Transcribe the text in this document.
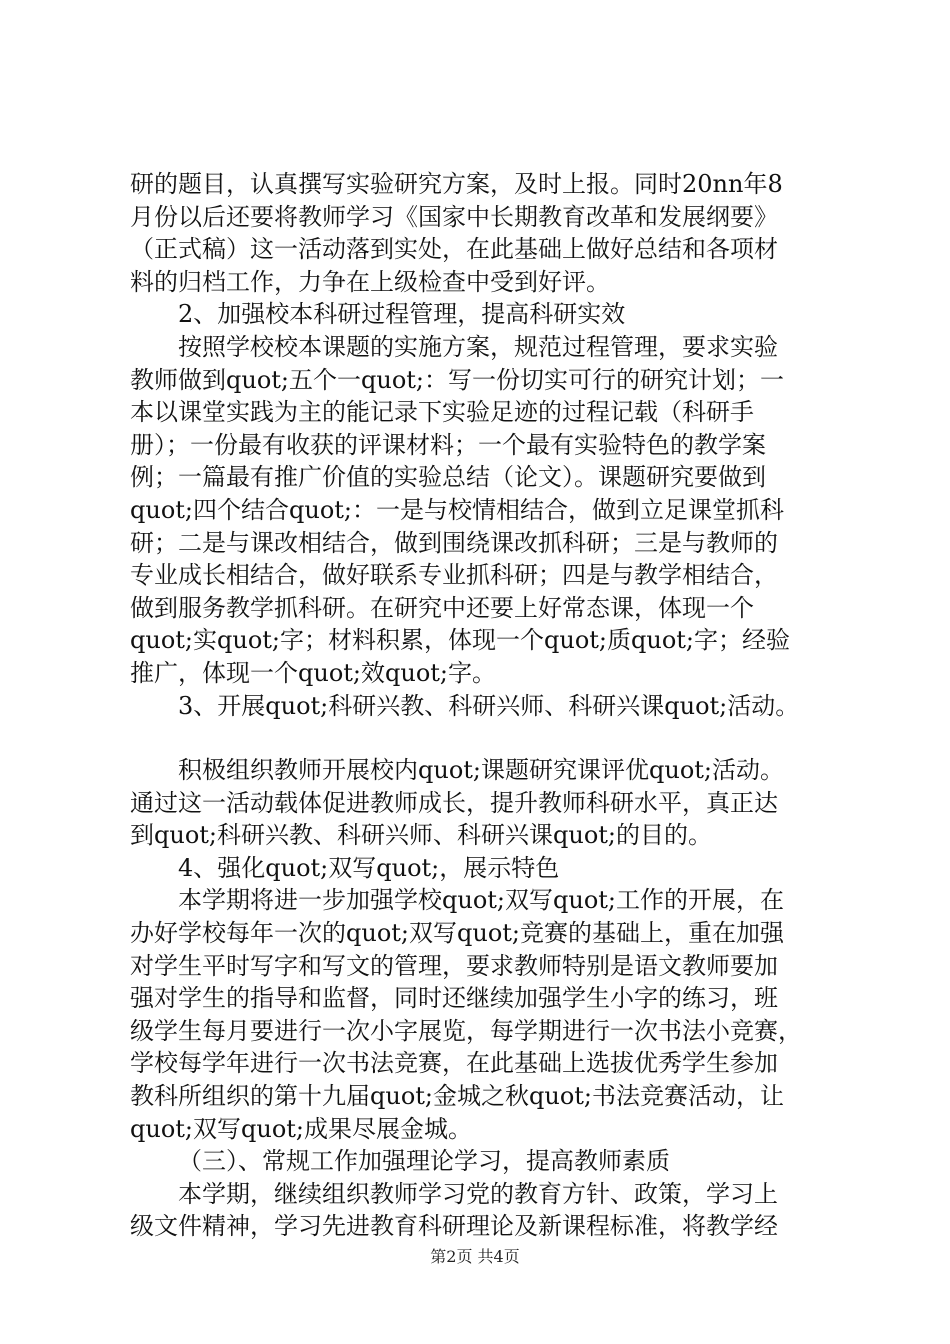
研的题目，认真撰写实验研究方案，及时上报。同时20nn年8
月份以后还要将教师学习《国家中长期教育改革和发展纲要》
（正式稿）这一活动落到实处，在此基础上做好总结和各项材
料的归档工作，力争在上级检查中受到好评。
2、加强校本科研过程管理，提高科研实效
按照学校校本课题的实施方案，规范过程管理，要求实验
教师做到quot;五个一quot;：写一份切实可行的研究计划；一
本以课堂实践为主的能记录下实验足迹的过程记载（科研手
册）；一份最有收获的评课材料；一个最有实验特色的教学案
例；一篇最有推广价值的实验总结（论文）。课题研究要做到
quot;四个结合quot;：一是与校情相结合，做到立足课堂抓科
研；二是与课改相结合，做到围绕课改抓科研；三是与教师的
专业成长相结合，做好联系专业抓科研；四是与教学相结合，
做到服务教学抓科研。在研究中还要上好常态课，体现一个
quot;实quot;字；材料积累，体现一个quot;质quot;字；经验
推广，体现一个quot;效quot;字。
3、开展quot;科研兴教、科研兴师、科研兴课quot;活动。
积极组织教师开展校内quot;课题研究课评优quot;活动。
通过这一活动载体促进教师成长，提升教师科研水平，真正达
到quot;科研兴教、科研兴师、科研兴课quot;的目的。
4、强化quot;双写quot;，展示特色
本学期将进一步加强学校quot;双写quot;工作的开展，在
办好学校每年一次的quot;双写quot;竞赛的基础上，重在加强
对学生平时写字和写文的管理，要求教师特别是语文教师要加
强对学生的指导和监督，同时还继续加强学生小字的练习，班
级学生每月要进行一次小字展览，每学期进行一次书法小竞赛，
学校每学年进行一次书法竞赛，在此基础上选拔优秀学生参加
教科所组织的第十九届quot;金城之秋quot;书法竞赛活动，让
quot;双写quot;成果尽展金城。
（三）、常规工作加强理论学习，提高教师素质
本学期，继续组织教师学习党的教育方针、政策，学习上
级文件精神，学习先进教育科研理论及新课程标准，将教学经
第2页 共4页
